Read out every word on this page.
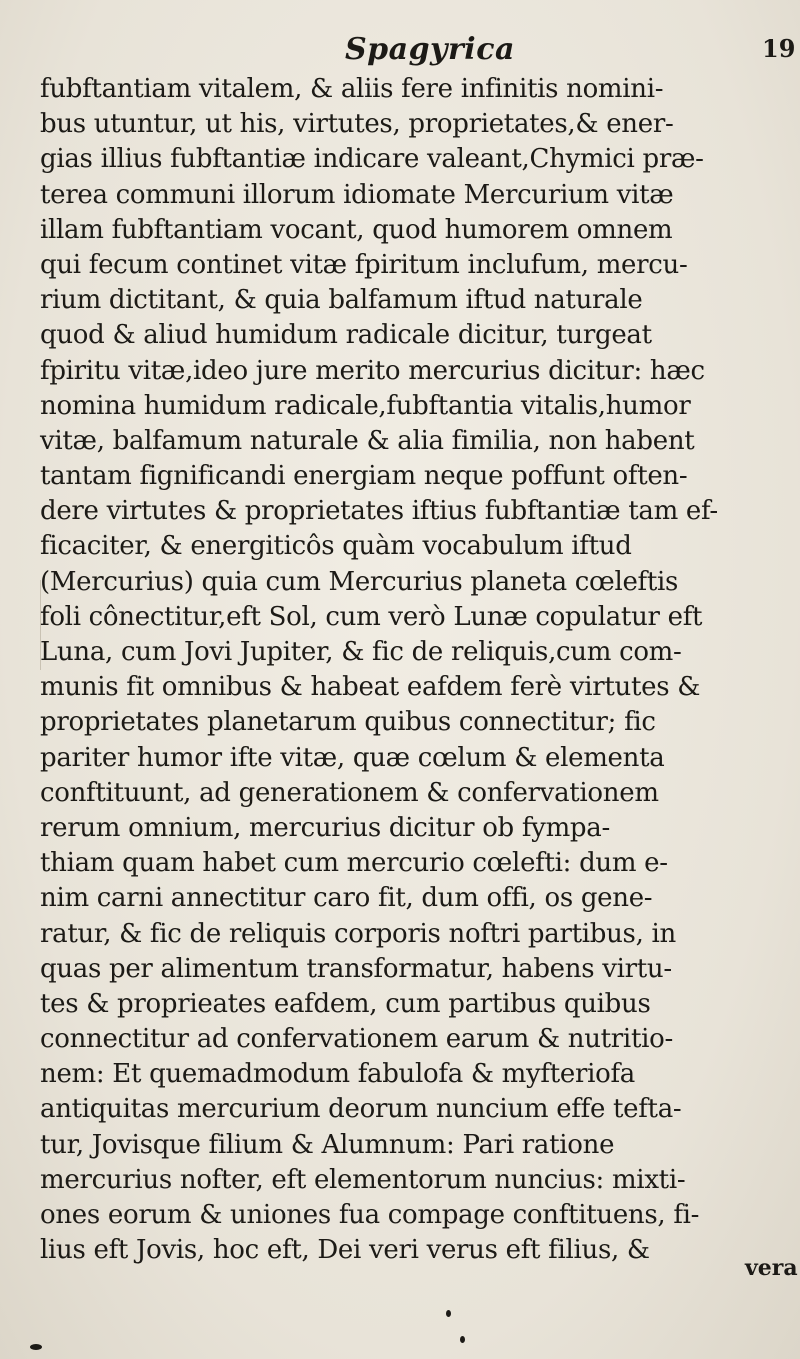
Spagyrica	19
fubftantiam vitalem, & aliis fere infinitis nomini-
bus utuntur, ut his, virtutes, proprietates,& ener-
gias illius fubftantiæ indicare valeant,Chymici præ-
terea communi illorum idiomate Mercurium vitæ
illam fubftantiam vocant, quod humorem omnem
qui fecum continet vitæ fpiritum inclufum, mercu-
rium dictitant, & quia balfamum iftud naturale
quod & aliud humidum radicale dicitur, turgeat
fpiritu vitæ,ideo jure merito mercurius dicitur: hæc
nomina humidum radicale,fubftantia vitalis,humor
vitæ, balfamum naturale & alia fimilia, non habent
tantam fignificandi energiam neque poffunt often-
dere virtutes & proprietates iftius fubftantiæ tam ef-
ficaciter, & energiticôs quàm vocabulum iftud
(Mercurius) quia cum Mercurius planeta cœleftis
foli cônectitur,eft Sol, cum verò Lunæ copulatur eft
Luna, cum Jovi Jupiter, & fic de reliquis,cum com-
munis fit omnibus & habeat eafdem ferè virtutes &
proprietates planetarum quibus connectitur; fic
pariter humor ifte vitæ, quæ cœlum & elementa
conftituunt, ad generationem & confervationem
rerum omnium, mercurius dicitur ob fympa-
thiam quam habet cum mercurio cœlefti: dum e-
nim carni annectitur caro fit, dum offi, os gene-
ratur, & fic de reliquis corporis noftri partibus, in
quas per alimentum transformatur, habens virtu-
tes & proprieates eafdem, cum partibus quibus
connectitur ad confervationem earum & nutritio-
nem: Et quemadmodum fabulofa & myfteriofa
antiquitas mercurium deorum nuncium effe tefta-
tur, Jovisque filium & Alumnum: Pari ratione
mercurius nofter, eft elementorum nuncius: mixti-
ones eorum & uniones fua compage conftituens, fi-
lius eft Jovis, hoc eft, Dei veri verus eft filius, &
vera
